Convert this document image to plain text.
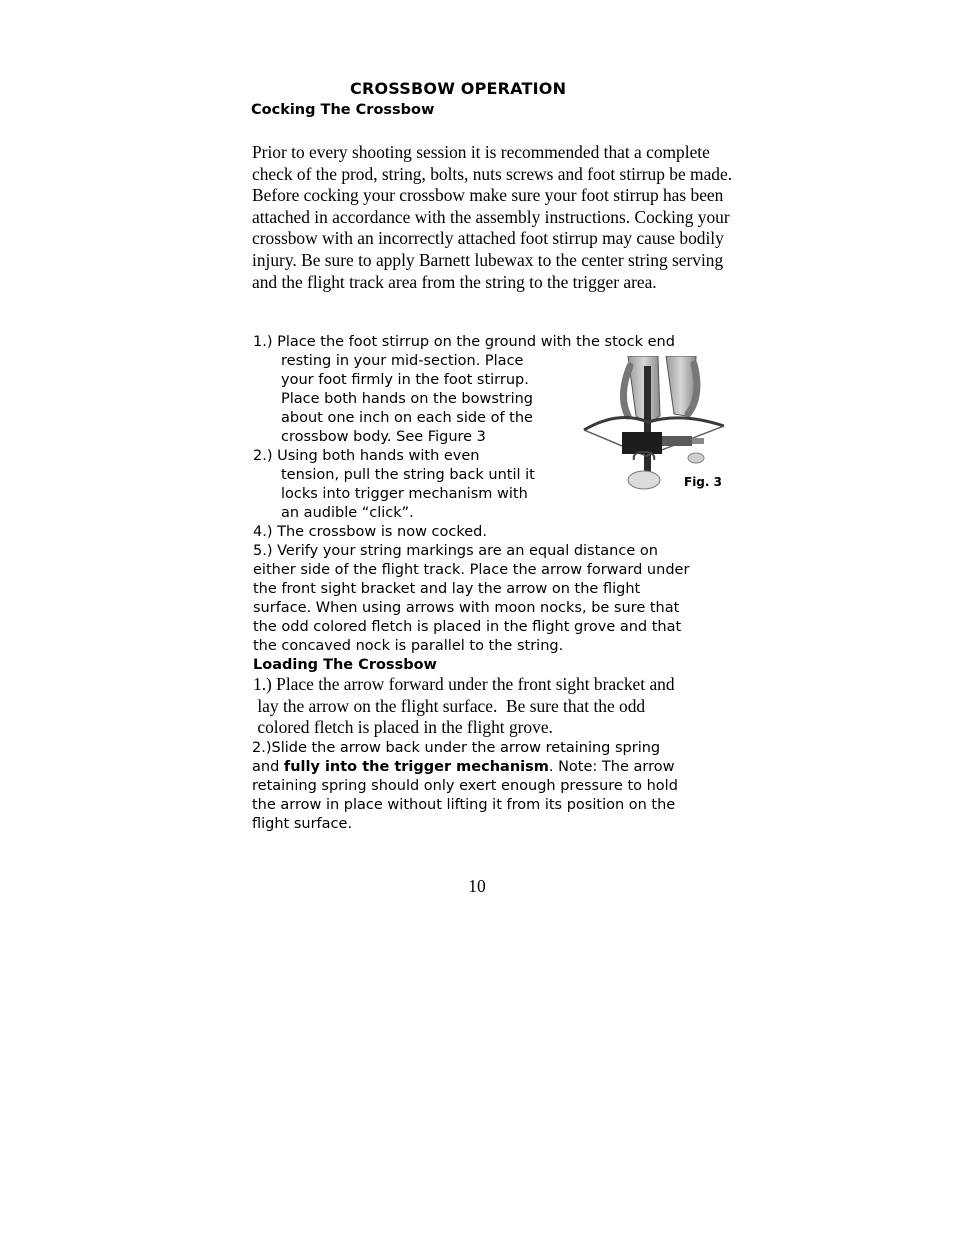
CROSSBOW OPERATION
Cocking The Crossbow

Prior to every shooting session it is recommended that a complete check of the prod, string, bolts, nuts screws and foot stirrup be made. Before cocking your crossbow make sure your foot stirrup has been attached in accordance with the assembly instructions. Cocking your crossbow with an incorrectly attached foot stirrup may cause bodily injury. Be sure to apply Barnett lubewax to the center string serving and the flight track area from the string to the trigger area.

1.) Place the foot stirrup on the ground with the stock end
resting in your mid-section. Place
your foot firmly in the foot stirrup.
Place both hands on the bowstring
about one inch on each side of the
crossbow body. See Figure 3
2.) Using both hands with even
tension, pull the string back until it
locks into trigger mechanism with
an audible “click”.
4.) The crossbow is now cocked.
5.) Verify your string markings are an equal distance on
either side of the flight track. Place the arrow forward under
the front sight bracket and lay the arrow on the flight
surface. When using arrows with moon nocks, be sure that
the odd colored fletch is placed in the flight grove and that
the concaved nock is parallel to the string.
Loading The Crossbow
Fig. 3
1.) Place the arrow forward under the front sight bracket and
lay the arrow on the flight surface.  Be sure that the odd
colored fletch is placed in the flight grove.
2.)Slide the arrow back under the arrow retaining spring
and fully into the trigger mechanism. Note: The arrow
retaining spring should only exert enough pressure to hold
the arrow in place without lifting it from its position on the
flight surface.
10
